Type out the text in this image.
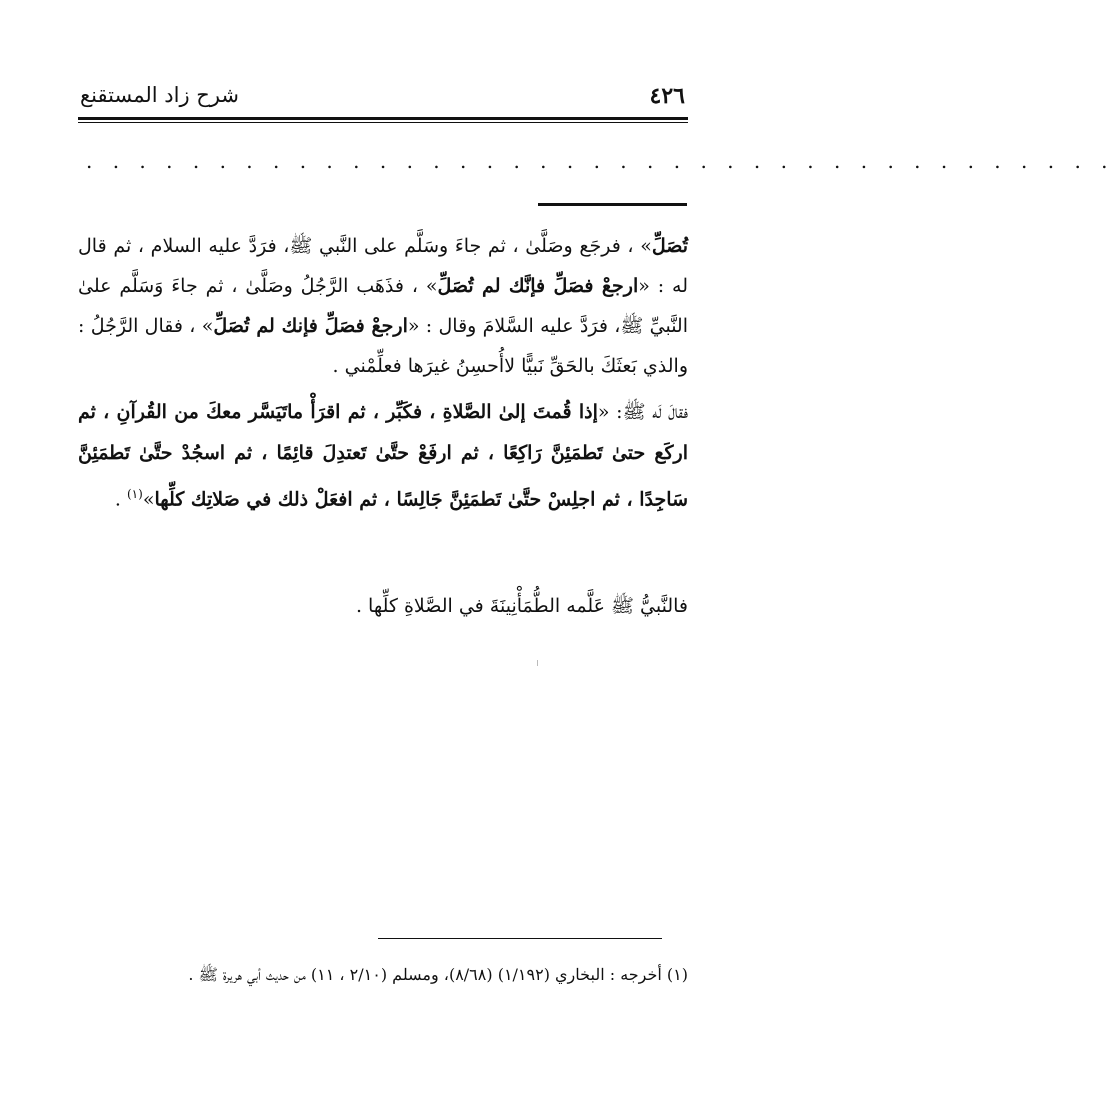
شرح زاد المستقنع	٤٢٦
. . . . . . . . . . . . . . . . . . . . . . . . . . . . . . . . . . . . . . .
تُصَلِّ» ، فرجَع وصَلَّىٰ ، ثم جاءَ وسَلَّم على النَّبي ﷺ، فرَدَّ عليه السلام ، ثم قال له : «ارجعْ فصَلِّ فإنَّك لم تُصَلِّ» ، فذَهَب الرَّجُلُ وصَلَّىٰ ، ثم جاءَ وَسَلَّم علىٰ النَّبيِّ ﷺ، فرَدَّ عليه السَّلامَ وقال : «ارجعْ فصَلِّ فإنك لم تُصَلِّ» ، فقال الرَّجُلُ : والذي بَعثَكَ بالحَقِّ نَبيًّا لاأُحسِنُ غيرَها فعلِّمْني .
فقالَ لَه ﷺ: «إذا قُمتَ إلىٰ الصَّلاةِ ، فكَبِّر ، ثم اقرَأْ ماتَيَسَّر معكَ من القُرآنِ ، ثم اركَع حتىٰ تَطمَئِنَّ رَاكِعًا ، ثم ارفَعْ حتَّىٰ تَعتدِلَ قائِمًا ، ثم اسجُدْ حتَّىٰ تَطمَئِنَّ سَاجِدًا ، ثم اجلِسْ حتَّىٰ تَطمَئِنَّ جَالِسًا ، ثم افعَلْ ذلك في صَلاتِك كلِّها»$^{(١)}$ .
فالنَّبيُّ ﷺ عَلَّمه الطُّمَأْنِينَةَ في الصَّلاةِ كلِّها .
(١) أخرجه : البخاري (١/١٩٢) (٨/٦٨)، ومسلم (٢/١٠ ، ١١) من حديث أبي هريرة ﷺ .
